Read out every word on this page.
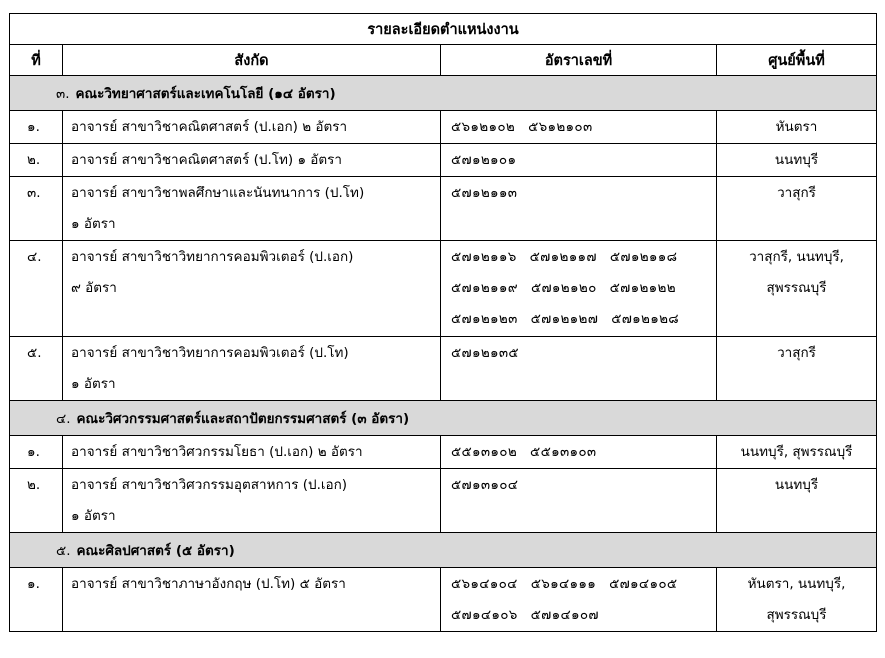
รายละเอียดตำแหน่งงาน			
ที่	สังกัด	อัตราเลขที่	ศูนย์พื้นที่
๓. คณะวิทยาศาสตร์และเทคโนโลยี (๑๔ อัตรา)			

๑.	อาจารย์ สาขาวิชาคณิตศาสตร์ (ป.เอก) ๒ อัตรา	๕๖๑๒๑๐๒ ๕๖๑๒๑๐๓	หันตรา

๒.	อาจารย์ สาขาวิชาคณิตศาสตร์ (ป.โท) ๑ อัตรา	๕๗๑๒๑๐๑	นนทบุรี

๓.	อาจารย์ สาขาวิชาพลศึกษาและนันทนาการ (ป.โท)
๑ อัตรา	๕๗๑๒๑๑๓	วาสุกรี

๔.	อาจารย์ สาขาวิชาวิทยาการคอมพิวเตอร์ (ป.เอก)
๙ อัตรา	๕๗๑๒๑๑๖ ๕๗๑๒๑๑๗ ๕๗๑๒๑๑๘
๕๗๑๒๑๑๙ ๕๗๑๒๑๒๐ ๕๗๑๒๑๒๒
๕๗๑๒๑๒๓ ๕๗๑๒๑๒๗ ๕๗๑๒๑๒๘	วาสุกรี, นนทบุรี,
สุพรรณบุรี

๕.	อาจารย์ สาขาวิชาวิทยาการคอมพิวเตอร์ (ป.โท)
๑ อัตรา	๕๗๑๒๑๓๕	วาสุกรี

๔. คณะวิศวกรรมศาสตร์และสถาปัตยกรรมศาสตร์ (๓ อัตรา)			

๑.	อาจารย์ สาขาวิชาวิศวกรรมโยธา (ป.เอก) ๒ อัตรา	๕๕๑๓๑๐๒ ๕๕๑๓๑๐๓	นนทบุรี, สุพรรณบุรี

๒.	อาจารย์ สาขาวิชาวิศวกรรมอุตสาหการ (ป.เอก)
๑ อัตรา	๕๗๑๓๑๐๔	นนทบุรี

๕. คณะศิลปศาสตร์ (๕ อัตรา)			

๑.	อาจารย์ สาขาวิชาภาษาอังกฤษ (ป.โท) ๕ อัตรา	๕๖๑๔๑๐๔ ๕๖๑๔๑๑๑ ๕๗๑๔๑๐๕
๕๗๑๔๑๐๖ ๕๗๑๔๑๐๗	หันตรา, นนทบุรี,
สุพรรณบุรี
